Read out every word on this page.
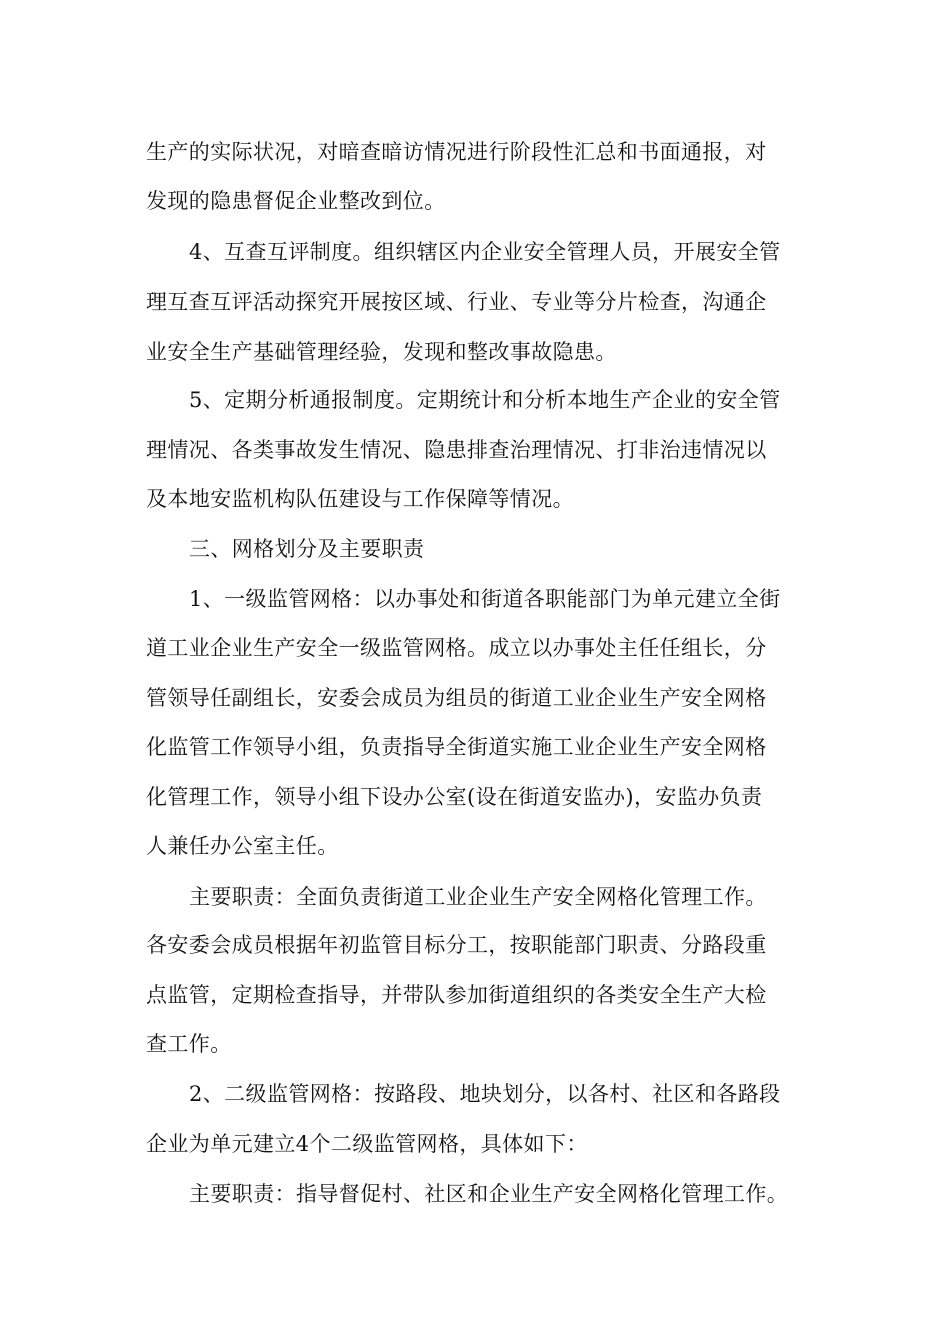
生产的实际状况，对暗查暗访情况进行阶段性汇总和书面通报，对

发现的隐患督促企业整改到位。

4、互查互评制度。组织辖区内企业安全管理人员，开展安全管

理互查互评活动探究开展按区域、行业、专业等分片检查，沟通企

业安全生产基础管理经验，发现和整改事故隐患。

5、定期分析通报制度。定期统计和分析本地生产企业的安全管

理情况、各类事故发生情况、隐患排查治理情况、打非治违情况以

及本地安监机构队伍建设与工作保障等情况。

三、网格划分及主要职责

1、一级监管网格：以办事处和街道各职能部门为单元建立全街

道工业企业生产安全一级监管网格。成立以办事处主任任组长，分

管领导任副组长，安委会成员为组员的街道工业企业生产安全网格

化监管工作领导小组，负责指导全街道实施工业企业生产安全网格

化管理工作，领导小组下设办公室(设在街道安监办)，安监办负责

人兼任办公室主任。

主要职责：全面负责街道工业企业生产安全网格化管理工作。

各安委会成员根据年初监管目标分工，按职能部门职责、分路段重

点监管，定期检查指导，并带队参加街道组织的各类安全生产大检

查工作。

2、二级监管网格：按路段、地块划分，以各村、社区和各路段

企业为单元建立4个二级监管网格，具体如下：

主要职责：指导督促村、社区和企业生产安全网格化管理工作。
